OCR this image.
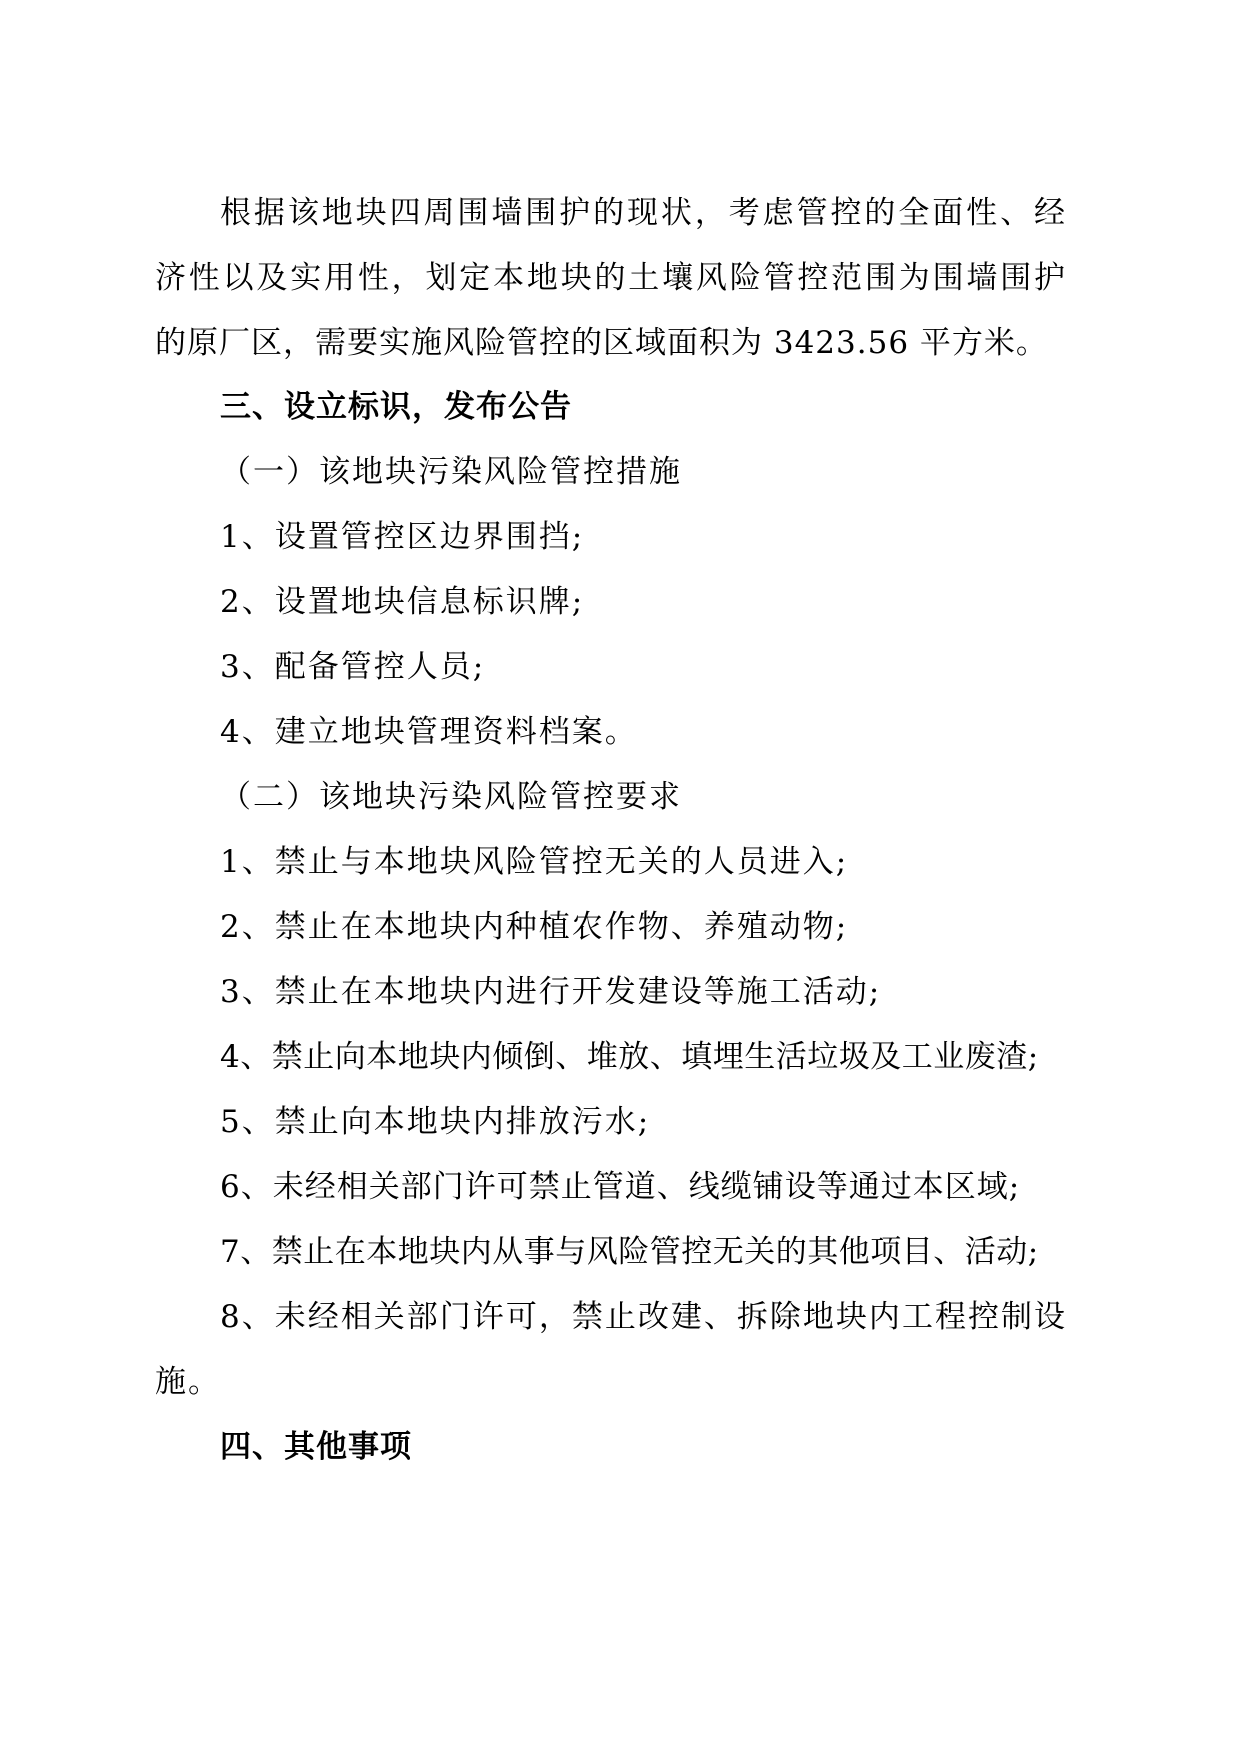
根据该地块四周围墙围护的现状，考虑管控的全面性、经
济性以及实用性，划定本地块的土壤风险管控范围为围墙围护
的原厂区，需要实施风险管控的区域面积为 3423.56 平方米。
三、设立标识，发布公告
（一）该地块污染风险管控措施
1、设置管控区边界围挡;
2、设置地块信息标识牌;
3、配备管控人员;
4、建立地块管理资料档案。
（二）该地块污染风险管控要求
1、禁止与本地块风险管控无关的人员进入;
2、禁止在本地块内种植农作物、养殖动物;
3、禁止在本地块内进行开发建设等施工活动;
4、禁止向本地块内倾倒、堆放、填埋生活垃圾及工业废渣;
5、禁止向本地块内排放污水;
6、未经相关部门许可禁止管道、线缆铺设等通过本区域;
7、禁止在本地块内从事与风险管控无关的其他项目、活动;
8、未经相关部门许可，禁止改建、拆除地块内工程控制设
施。
四、其他事项
